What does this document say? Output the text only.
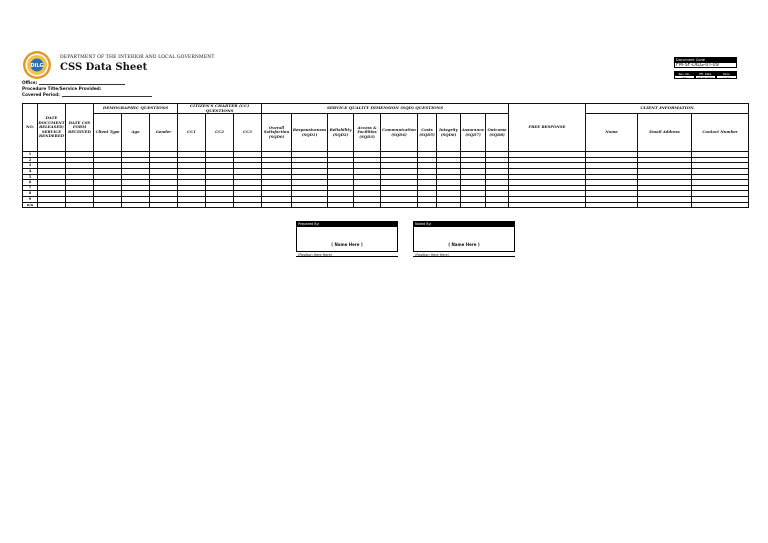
DILG
DEPARTMENT OF THE INTERIOR AND LOCAL GOVERNMENT
CSS Data Sheet
Office:
Procedure Title/Service Provided:
Covered Period:
Document Code
FM-SF-DILG-0T-09
Rev. No.	Eff. Date	Page
00	18.08.2022	1 of 1
NO.	DATE DOCUMENT RELEASED/ SERVICE RENDERED	DATE CSS FORM RECEIVED	DEMOGRAPHIC QUESTIONS			CITIZEN'S CHARTER (CC) QUESTIONS			SERVICE QUALITY DIMENSION (SQD) QUESTIONS									FREE RESPONSE	CLIENT INFORMATION		
			Client Type	Age	Gender	CC1	CC2	CC3	Overall Satisfaction (SQD0)	Responsiveness (SQD1)	Reliability (SQD2)	Access & Facilities (SQD3)	Communication (SQD4)	Costs (SQD5)	Integrity (SQD6)	Assurance (SQD7)	Outcome (SQD8)		Name	Email Address	Contact Number
1																					
2																					
3																					
4																					
5																					
6																					
7																					
8																					
9																					
n/a																					
Prepared By:
( Name Here )
(Position Here Here)
Noted By:
( Name Here )
(Position Here Here)
